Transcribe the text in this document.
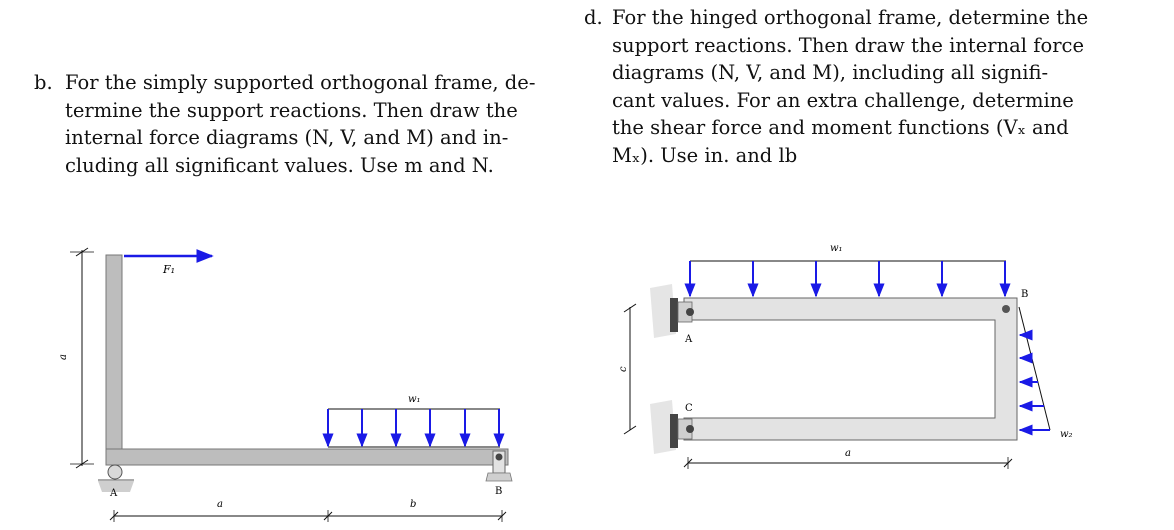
b. For the simply supported orthogonal frame, de-
termine the support reactions. Then draw the
internal force diagrams (N, V, and M) and in-
cluding all significant values. Use m and N.
d. For the hinged orthogonal frame, determine the
support reactions. Then draw the internal force
diagrams (N, V, and M), including all signifi-
cant values. For an extra challenge, determine
the shear force and moment functions (Vₓ and
Mₓ). Use in. and lb
a
F₁
w₁
A	B
a	b
A
C
B
w₁
w₂
c
a
